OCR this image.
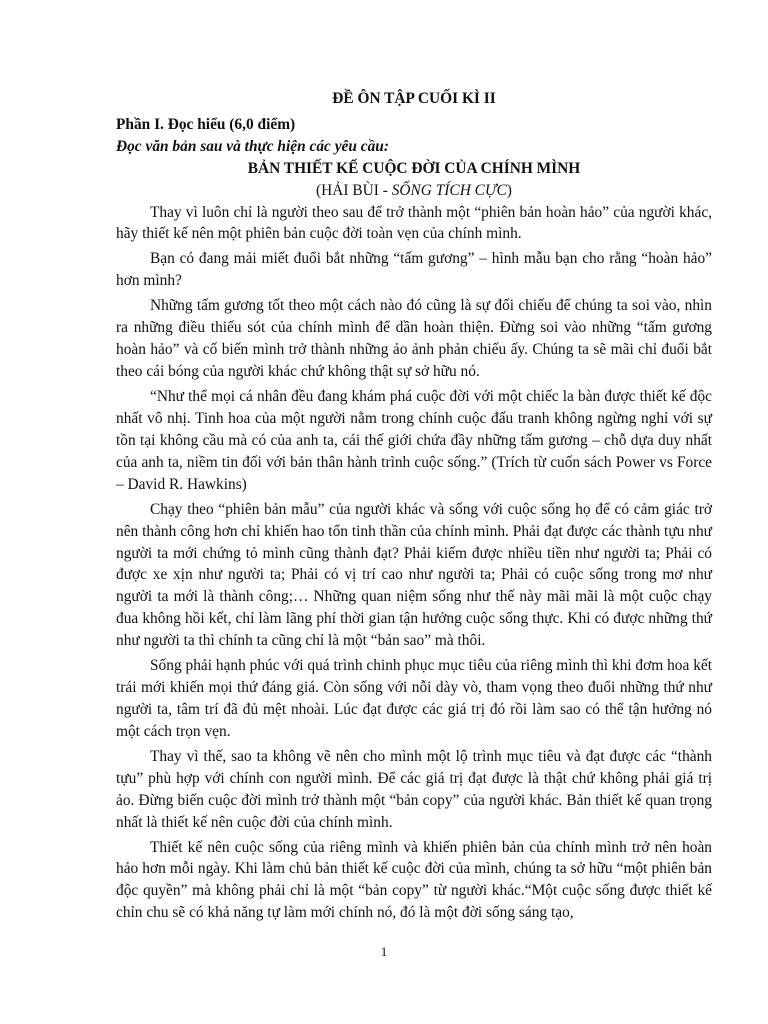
ĐỀ ÔN TẬP CUỐI KÌ II
Phần I. Đọc hiểu (6,0 điểm)
Đọc văn bản sau và thực hiện các yêu cầu:
BẢN THIẾT KẾ CUỘC ĐỜI CỦA CHÍNH MÌNH
(HẢI BÙI - SỐNG TÍCH CỰC)

Thay vì luôn chỉ là người theo sau để trở thành một “phiên bản hoàn hảo” của người khác, hãy thiết kế nên một phiên bản cuộc đời toàn vẹn của chính mình.

Bạn có đang mải miết đuổi bắt những “tấm gương” – hình mẫu bạn cho rằng “hoàn hảo” hơn mình?

Những tấm gương tốt theo một cách nào đó cũng là sự đối chiếu để chúng ta soi vào, nhìn ra những điều thiếu sót của chính mình để dần hoàn thiện. Đừng soi vào những “tấm gương hoàn hảo” và cố biến mình trở thành những ảo ảnh phản chiếu ấy. Chúng ta sẽ mãi chỉ đuổi bắt theo cái bóng của người khác chứ không thật sự sở hữu nó.

“Như thể mọi cá nhân đều đang khám phá cuộc đời với một chiếc la bàn được thiết kế độc nhất vô nhị. Tinh hoa của một người nằm trong chính cuộc đấu tranh không ngừng nghỉ với sự tồn tại không cầu mà có của anh ta, cái thế giới chứa đầy những tấm gương – chỗ dựa duy nhất của anh ta, niềm tin đối với bản thân hành trình cuộc sống.” (Trích từ cuốn sách Power vs Force – David R. Hawkins)

Chạy theo “phiên bản mẫu” của người khác và sống với cuộc sống họ để có cảm giác trở nên thành công hơn chỉ khiến hao tổn tinh thần của chính mình. Phải đạt được các thành tựu như người ta mới chứng tỏ mình cũng thành đạt? Phải kiếm được nhiều tiền như người ta; Phải có được xe xịn như người ta; Phải có vị trí cao như người ta; Phải có cuộc sống trong mơ như người ta mới là thành công;… Những quan niệm sống như thế này mãi mãi là một cuộc chạy đua không hồi kết, chỉ làm lãng phí thời gian tận hưởng cuộc sống thực. Khi có được những thứ như người ta thì chính ta cũng chỉ là một “bản sao” mà thôi.

Sống phải hạnh phúc với quá trình chinh phục mục tiêu của riêng mình thì khi đơm hoa kết trái mới khiến mọi thứ đáng giá. Còn sống với nỗi dày vò, tham vọng theo đuổi những thứ như người ta, tâm trí đã đủ mệt nhoài. Lúc đạt được các giá trị đó rồi làm sao có thể tận hưởng nó một cách trọn vẹn.

Thay vì thế, sao ta không vẽ nên cho mình một lộ trình mục tiêu và đạt được các “thành tựu” phù hợp với chính con người mình. Để các giá trị đạt được là thật chứ không phải giá trị ảo. Đừng biến cuộc đời mình trở thành một “bản copy” của người khác. Bản thiết kế quan trọng nhất là thiết kế nên cuộc đời của chính mình.

Thiết kế nên cuộc sống của riêng mình và khiến phiên bản của chính mình trở nên hoàn hảo hơn mỗi ngày. Khi làm chủ bản thiết kế cuộc đời của mình, chúng ta sở hữu “một phiên bản độc quyền” mà không phải chỉ là một “bản copy” từ người khác.“Một cuộc sống được thiết kế chỉn chu sẽ có khả năng tự làm mới chính nó, đó là một đời sống sáng tạo,

1
